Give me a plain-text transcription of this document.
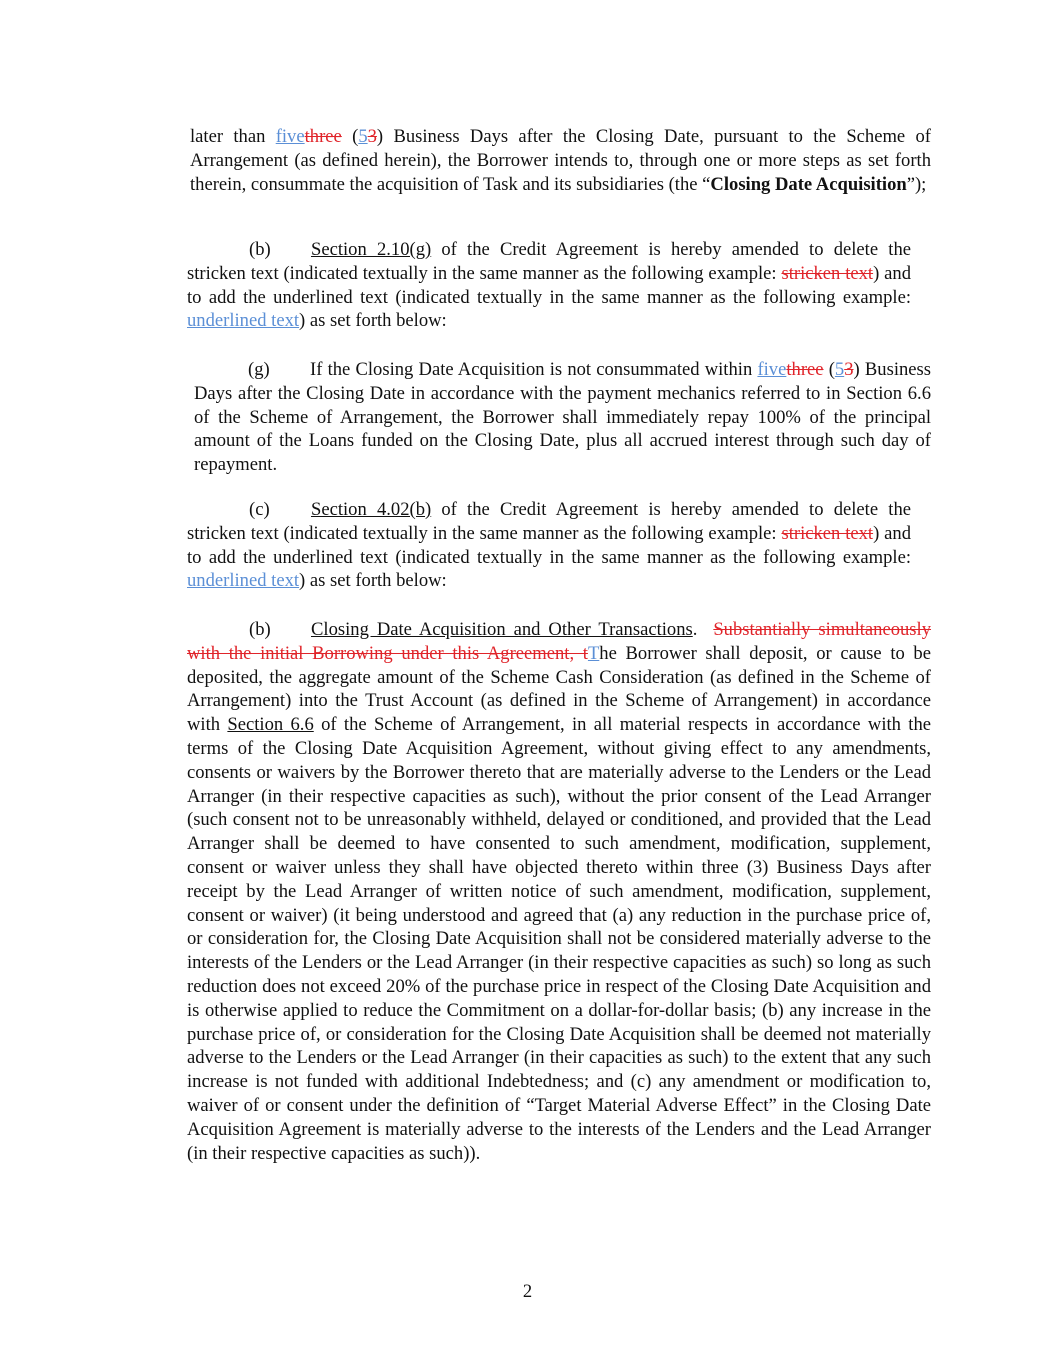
later than fivethree (53) Business Days after the Closing Date, pursuant to the Scheme of Arrangement (as defined herein), the Borrower intends to, through one or more steps as set forth therein, consummate the acquisition of Task and its subsidiaries (the “Closing Date Acquisition”);

(b) Section 2.10(g) of the Credit Agreement is hereby amended to delete the stricken text (indicated textually in the same manner as the following example: stricken text) and to add the underlined text (indicated textually in the same manner as the following example: underlined text) as set forth below:

(g) If the Closing Date Acquisition is not consummated within fivethree (53) Business Days after the Closing Date in accordance with the payment mechanics referred to in Section 6.6 of the Scheme of Arrangement, the Borrower shall immediately repay 100% of the principal amount of the Loans funded on the Closing Date, plus all accrued interest through such day of repayment.

(c) Section 4.02(b) of the Credit Agreement is hereby amended to delete the stricken text (indicated textually in the same manner as the following example: stricken text) and to add the underlined text (indicated textually in the same manner as the following example: underlined text) as set forth below:

(b) Closing Date Acquisition and Other Transactions.  Substantially simultaneously with the initial Borrowing under this Agreement, tThe Borrower shall deposit, or cause to be deposited, the aggregate amount of the Scheme Cash Consideration (as defined in the Scheme of Arrangement) into the Trust Account (as defined in the Scheme of Arrangement) in accordance with Section 6.6 of the Scheme of Arrangement, in all material respects in accordance with the terms of the Closing Date Acquisition Agreement, without giving effect to any amendments, consents or waivers by the Borrower thereto that are materially adverse to the Lenders or the Lead Arranger (in their respective capacities as such), without the prior consent of the Lead Arranger (such consent not to be unreasonably withheld, delayed or conditioned, and provided that the Lead Arranger shall be deemed to have consented to such amendment, modification, supplement, consent or waiver unless they shall have objected thereto within three (3) Business Days after receipt by the Lead Arranger of written notice of such amendment, modification, supplement, consent or waiver) (it being understood and agreed that (a) any reduction in the purchase price of, or consideration for, the Closing Date Acquisition shall not be considered materially adverse to the interests of the Lenders or the Lead Arranger (in their respective capacities as such) so long as such reduction does not exceed 20% of the purchase price in respect of the Closing Date Acquisition and is otherwise applied to reduce the Commitment on a dollar-for-dollar basis; (b) any increase in the purchase price of, or consideration for the Closing Date Acquisition shall be deemed not materially adverse to the Lenders or the Lead Arranger (in their capacities as such) to the extent that any such increase is not funded with additional Indebtedness; and (c) any amendment or modification to, waiver of or consent under the definition of “Target Material Adverse Effect” in the Closing Date Acquisition Agreement is materially adverse to the interests of the Lenders and the Lead Arranger (in their respective capacities as such)).

2
